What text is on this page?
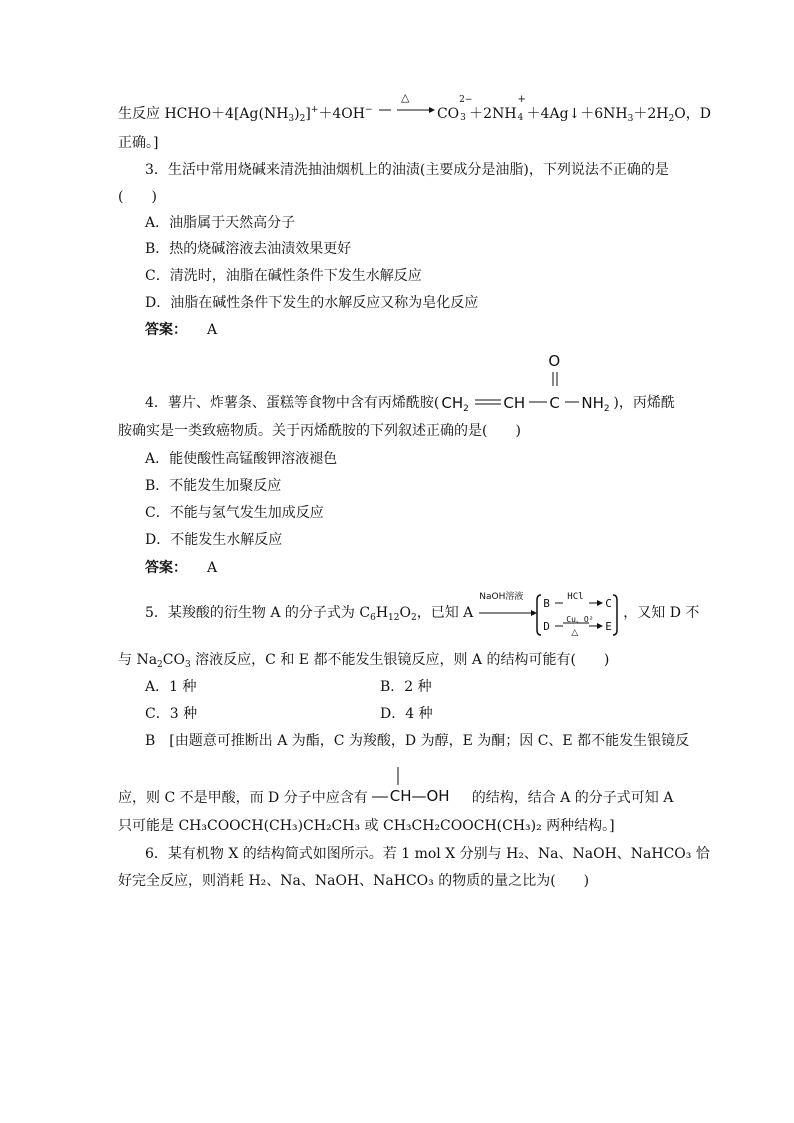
生反应 $HCHO+4[Ag(NH_3)_2]^++4OH^-$
△
CO
2−
3 ＋2NH
+
$4 +4Ag↓+6NH_3+2H_2O$，D
正确。]
3．生活中常用烧碱来清洗抽油烟机上的油渍(主要成分是油脂)，下列说法不正确的是
(　　)
A．油脂属于天然高分子
B．热的烧碱溶液去油渍效果更好
C．清洗时，油脂在碱性条件下发生水解反应
D．油脂在碱性条件下发生的水解反应又称为皂化反应
答案： A
4．薯片、炸薯条、蛋糕等食物中含有丙烯酰胺(
O
$CH_2$ CH C $NH_2$ )，丙烯酰
胺确实是一类致癌物质。关于丙烯酰胺的下列叙述正确的是(　　)
A．能使酸性高锰酸钾溶液褪色
B．不能发生加聚反应
C．不能与氢气发生加成反应
D．不能发生水解反应
答案： A
5．某羧酸的衍生物 A 的分子式为 $C_6H_{12}O_2$，已知 A
NaOH溶液 B HCl C
D
Cu、O²
△ E
，又知 D 不
与 $Na_2CO_3$ 溶液反应，C 和 E 都不能发生银镜反应，则 A 的结构可能有(　　)
A．1 种	B．2 种
C．3 种	D．4 种
B　[由题意可推断出 A 为酯，C 为羧酸，D 为醇，E 为酮；因 C、E 都不能发生银镜反
应，则 C 不是甲酸，而 D 分子中应含有 CH—OH 的结构，结合 A 的分子式可知 A
只可能是 CH₃COOCH(CH₃)CH₂CH₃ 或 CH₃CH₂COOCH(CH₃)₂ 两种结构。]
6．某有机物 X 的结构简式如图所示。若 1 mol X 分别与 H₂、Na、NaOH、NaHCO₃ 恰
好完全反应，则消耗 H₂、Na、NaOH、NaHCO₃ 的物质的量之比为(　　)
